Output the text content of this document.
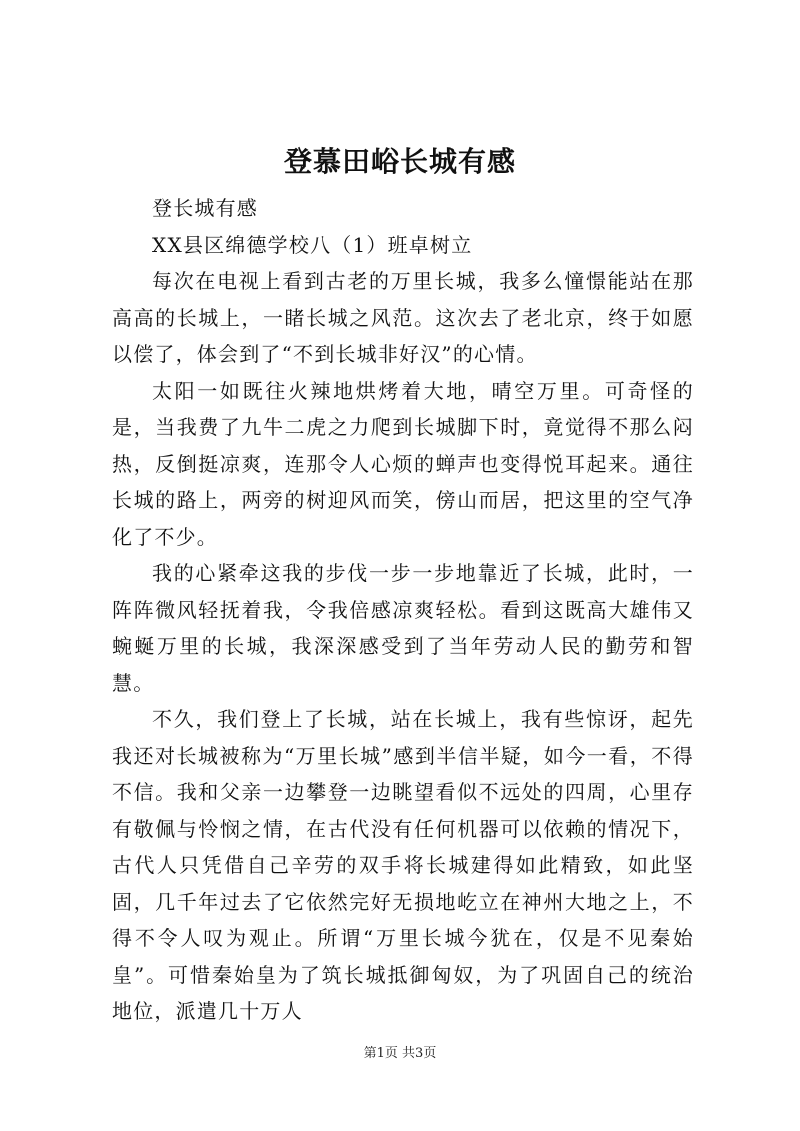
登慕田峪长城有感

登长城有感

XX县区绵德学校八（1）班卓树立

每次在电视上看到古老的万里长城，我多么憧憬能站在那高高的长城上，一睹长城之风范。这次去了老北京，终于如愿以偿了，体会到了“不到长城非好汉”的心情。

太阳一如既往火辣地烘烤着大地，晴空万里。可奇怪的是，当我费了九牛二虎之力爬到长城脚下时，竟觉得不那么闷热，反倒挺凉爽，连那令人心烦的蝉声也变得悦耳起来。通往长城的路上，两旁的树迎风而笑，傍山而居，把这里的空气净化了不少。

我的心紧牵这我的步伐一步一步地靠近了长城，此时，一阵阵微风轻抚着我，令我倍感凉爽轻松。看到这既高大雄伟又蜿蜒万里的长城，我深深感受到了当年劳动人民的勤劳和智慧。

不久，我们登上了长城，站在长城上，我有些惊讶，起先我还对长城被称为“万里长城”感到半信半疑，如今一看，不得不信。我和父亲一边攀登一边眺望看似不远处的四周，心里存有敬佩与怜悯之情，在古代没有任何机器可以依赖的情况下，古代人只凭借自己辛劳的双手将长城建得如此精致，如此坚固，几千年过去了它依然完好无损地屹立在神州大地之上，不得不令人叹为观止。所谓“万里长城今犹在，仅是不见秦始皇”。可惜秦始皇为了筑长城抵御匈奴，为了巩固自己的统治地位，派遣几十万人

第1页 共3页
